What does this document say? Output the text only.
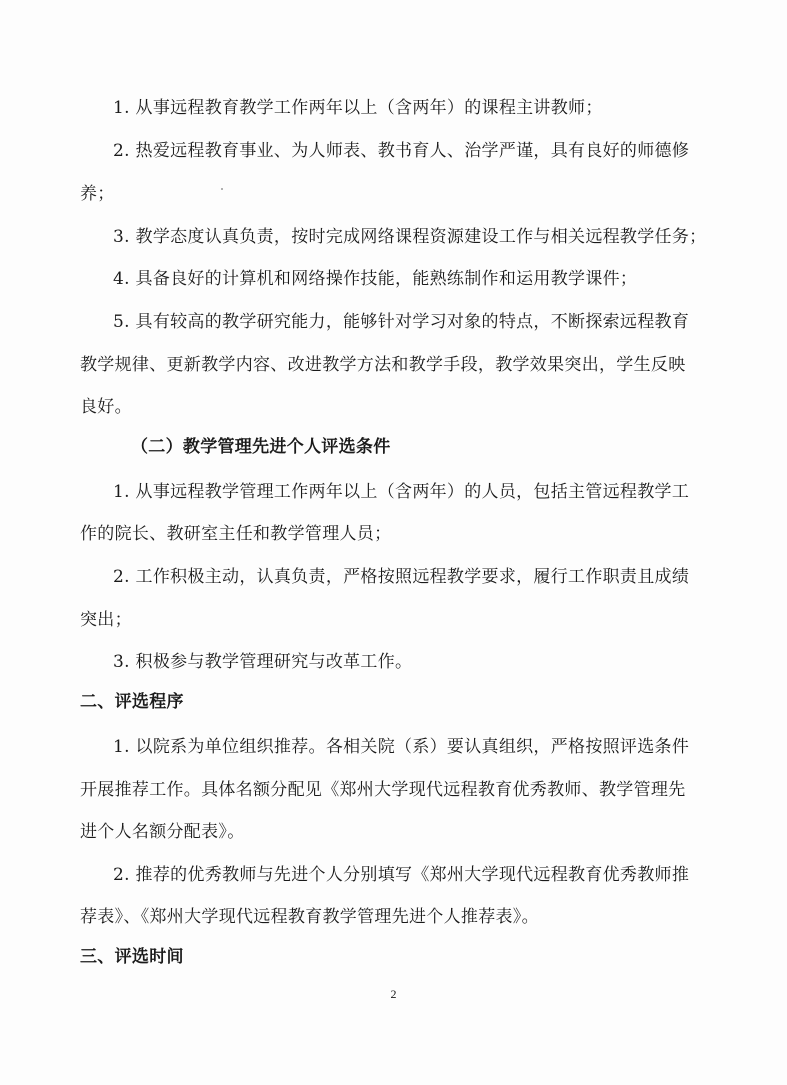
1. 从事远程教育教学工作两年以上（含两年）的课程主讲教师；
2. 热爱远程教育事业、为人师表、教书育人、治学严谨，具有良好的师德修
养；
3. 教学态度认真负责，按时完成网络课程资源建设工作与相关远程教学任务；
4. 具备良好的计算机和网络操作技能，能熟练制作和运用教学课件；
5. 具有较高的教学研究能力，能够针对学习对象的特点，不断探索远程教育
教学规律、更新教学内容、改进教学方法和教学手段，教学效果突出，学生反映
良好。
（二）教学管理先进个人评选条件
1. 从事远程教学管理工作两年以上（含两年）的人员，包括主管远程教学工
作的院长、教研室主任和教学管理人员；
2. 工作积极主动，认真负责，严格按照远程教学要求，履行工作职责且成绩
突出；
3. 积极参与教学管理研究与改革工作。
二、评选程序
1. 以院系为单位组织推荐。各相关院（系）要认真组织，严格按照评选条件
开展推荐工作。具体名额分配见《郑州大学现代远程教育优秀教师、教学管理先
进个人名额分配表》。
2. 推荐的优秀教师与先进个人分别填写《郑州大学现代远程教育优秀教师推
荐表》、《郑州大学现代远程教育教学管理先进个人推荐表》。
三、评选时间
2
